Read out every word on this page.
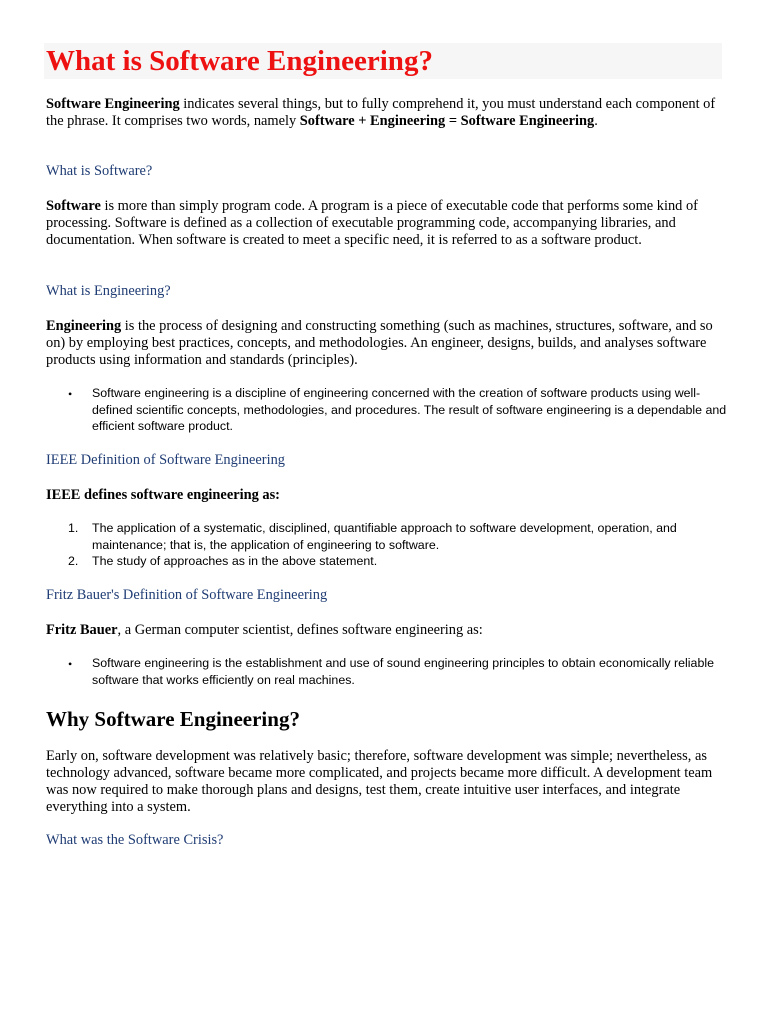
What is Software Engineering?

Software Engineering indicates several things, but to fully comprehend it, you must understand each component of the phrase. It comprises two words, namely Software + Engineering = Software Engineering.

What is Software?

Software is more than simply program code. A program is a piece of executable code that performs some kind of processing. Software is defined as a collection of executable programming code, accompanying libraries, and documentation. When software is created to meet a specific need, it is referred to as a software product.

What is Engineering?

Engineering is the process of designing and constructing something (such as machines, structures, software, and so on) by employing best practices, concepts, and methodologies. An engineer, designs, builds, and analyses software products using information and standards (principles).

• Software engineering is a discipline of engineering concerned with the creation of software products using well-defined scientific concepts, methodologies, and procedures. The result of software engineering is a dependable and efficient software product.

IEEE Definition of Software Engineering

IEEE defines software engineering as:

1. The application of a systematic, disciplined, quantifiable approach to software development, operation, and maintenance; that is, the application of engineering to software.

2. The study of approaches as in the above statement.

Fritz Bauer's Definition of Software Engineering

Fritz Bauer, a German computer scientist, defines software engineering as:

• Software engineering is the establishment and use of sound engineering principles to obtain economically reliable software that works efficiently on real machines.

Why Software Engineering?

Early on, software development was relatively basic; therefore, software development was simple; nevertheless, as technology advanced, software became more complicated, and projects became more difficult. A development team was now required to make thorough plans and designs, test them, create intuitive user interfaces, and integrate everything into a system.

What was the Software Crisis?
